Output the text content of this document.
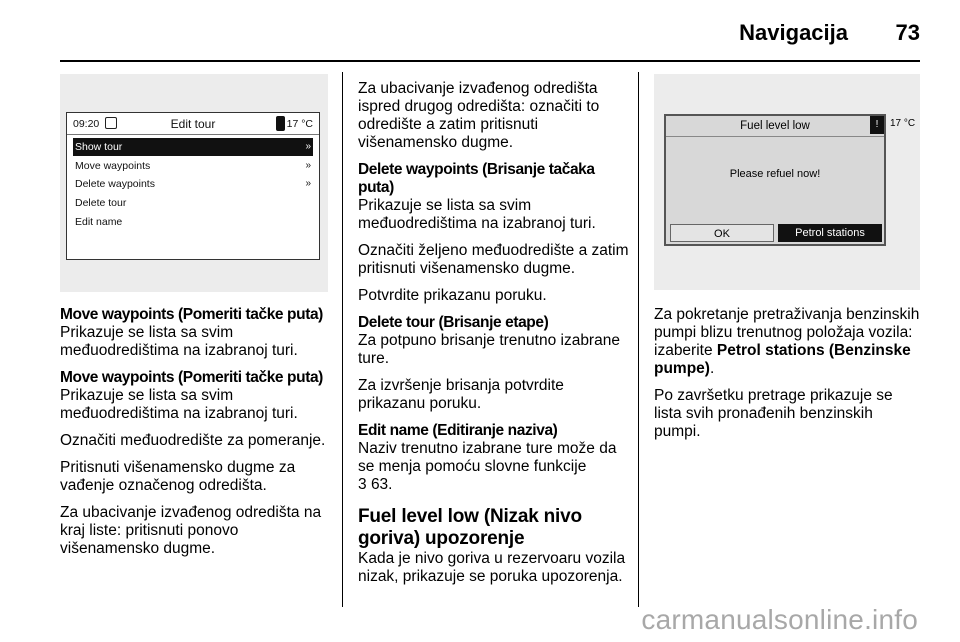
Navigacija 73
09:20	Edit tour	17 °C
Show tour	»
Move waypoints	»
Delete waypoints	»
Delete tour
Edit name

Move waypoints (Pomeriti tačke puta)

Prikazuje se lista sa svim međuodredištima na izabranoj turi.

Move waypoints (Pomeriti tačke puta)

Prikazuje se lista sa svim međuodredištima na izabranoj turi.

Označiti međuodredište za pomeranje.

Pritisnuti višenamensko dugme za vađenje označenog odredišta.

Za ubacivanje izvađenog odredišta na kraj liste: pritisnuti ponovo višenamensko dugme.

Za ubacivanje izvađenog odredišta ispred drugog odredišta: označiti to odredište a zatim pritisnuti višenamensko dugme.

Delete waypoints (Brisanje tačaka puta)

Prikazuje se lista sa svim međuodredištima na izabranoj turi.

Označiti željeno međuodredište a zatim pritisnuti višenamensko dugme.

Potvrdite prikazanu poruku.

Delete tour (Brisanje etape)

Za potpuno brisanje trenutno izabrane ture.

Za izvršenje brisanja potvrdite prikazanu poruku.

Edit name (Editiranje naziva)

Naziv trenutno izabrane ture može da se menja pomoću slovne funkcije
3 63.

Fuel level low (Nizak nivo goriva) upozorenje

Kada je nivo goriva u rezervoaru vozila nizak, prikazuje se poruka upozorenja.

Fuel level low
Please refuel now!
OK	Petrol stations
!	17 °C

Za pokretanje pretraživanja benzinskih pumpi blizu trenutnog položaja vozila: izaberite Petrol stations (Benzinske pumpe).

Po završetku pretrage prikazuje se lista svih pronađenih benzinskih pumpi.

carmanualsonline.info
